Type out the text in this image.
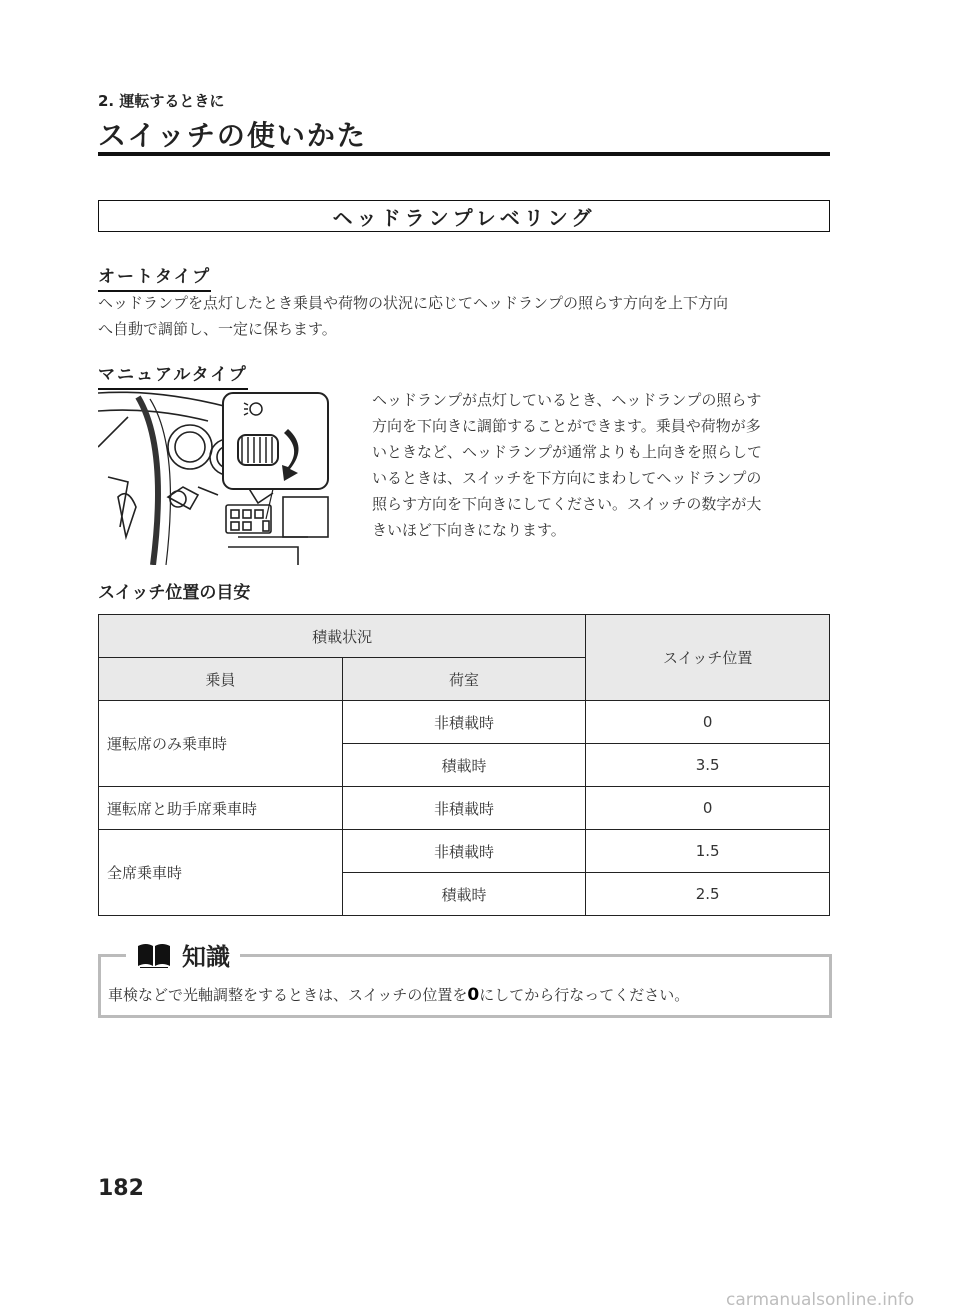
2. 運転するときに
スイッチの使いかた
ヘッドランプレベリング
オートタイプ
ヘッドランプを点灯したとき乗員や荷物の状況に応じてヘッドランプの照らす方向を上下方向
へ自動で調節し、一定に保ちます。
マニュアルタイプ
ヘッドランプが点灯しているとき、ヘッドランプの照らす
方向を下向きに調節することができます。乗員や荷物が多
いときなど、ヘッドランプが通常よりも上向きを照らして
いるときは、スイッチを下方向にまわしてヘッドランプの
照らす方向を下向きにしてください。スイッチの数字が大
きいほど下向きになります。
スイッチ位置の目安
積載状況		スイッチ位置
乗員	荷室	
運転席のみ乗車時	非積載時	0
	積載時	3.5
運転席と助手席乗車時	非積載時	0
全席乗車時	非積載時	1.5
	積載時	2.5
知識
車検などで光軸調整をするときは、スイッチの位置を0にしてから行なってください。
182
carmanualsonline.info
